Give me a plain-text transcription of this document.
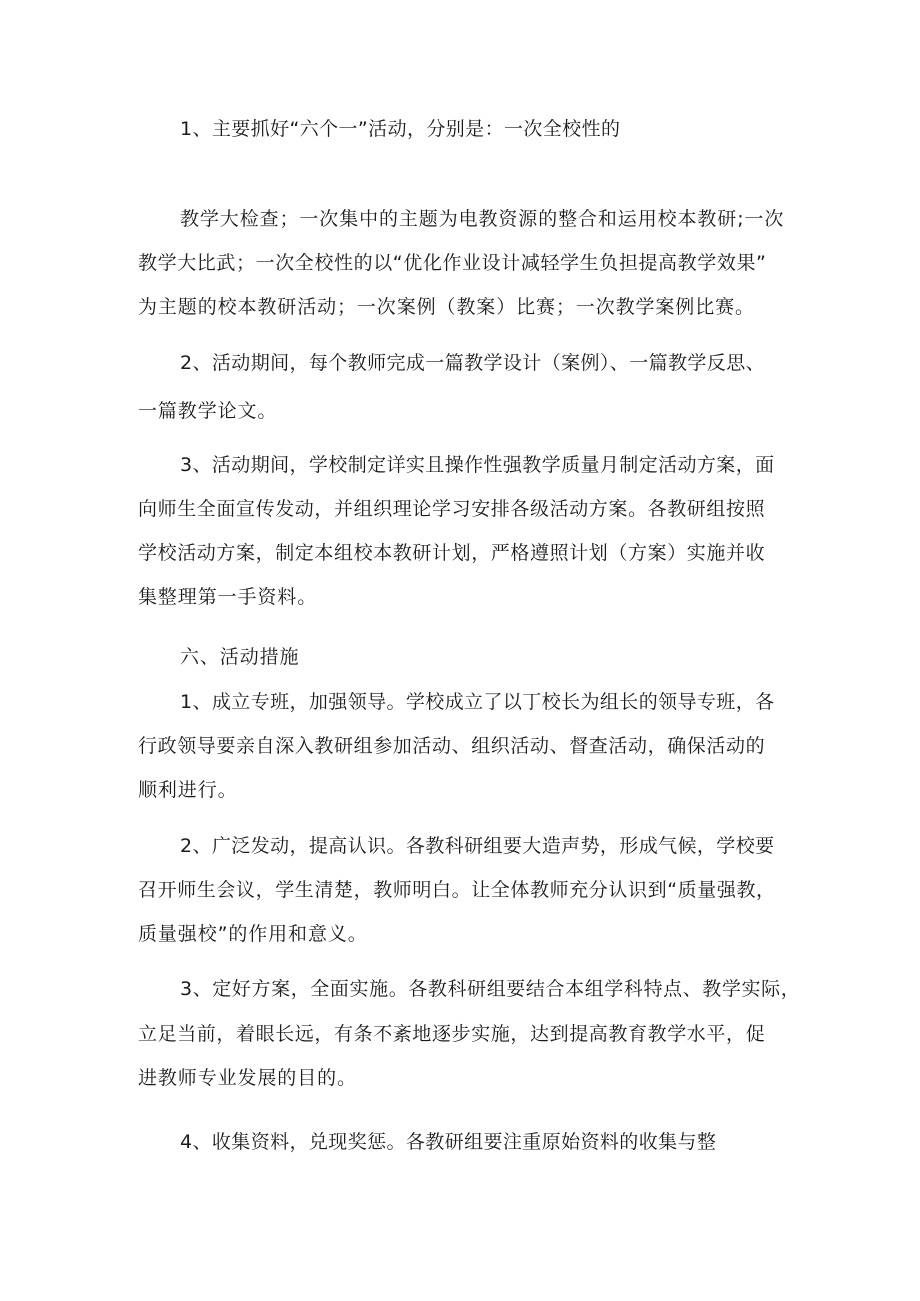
1、主要抓好“六个一”活动，分别是：一次全校性的
教学大检查；一次集中的主题为电教资源的整合和运用校本教研;一次
教学大比武；一次全校性的以“优化作业设计减轻学生负担提高教学效果”
为主题的校本教研活动；一次案例（教案）比赛；一次教学案例比赛。
2、活动期间，每个教师完成一篇教学设计（案例）、一篇教学反思、
一篇教学论文。
3、活动期间，学校制定详实且操作性强教学质量月制定活动方案，面
向师生全面宣传发动，并组织理论学习安排各级活动方案。各教研组按照
学校活动方案，制定本组校本教研计划，严格遵照计划（方案）实施并收
集整理第一手资料。
六、活动措施
1、成立专班，加强领导。学校成立了以丁校长为组长的领导专班，各
行政领导要亲自深入教研组参加活动、组织活动、督查活动，确保活动的
顺利进行。
2、广泛发动，提高认识。各教科研组要大造声势，形成气候，学校要
召开师生会议，学生清楚，教师明白。让全体教师充分认识到“质量强教，
质量强校”的作用和意义。
3、定好方案，全面实施。各教科研组要结合本组学科特点、教学实际，
立足当前，着眼长远，有条不紊地逐步实施，达到提高教育教学水平，促
进教师专业发展的目的。
4、收集资料，兑现奖惩。各教研组要注重原始资料的收集与整
